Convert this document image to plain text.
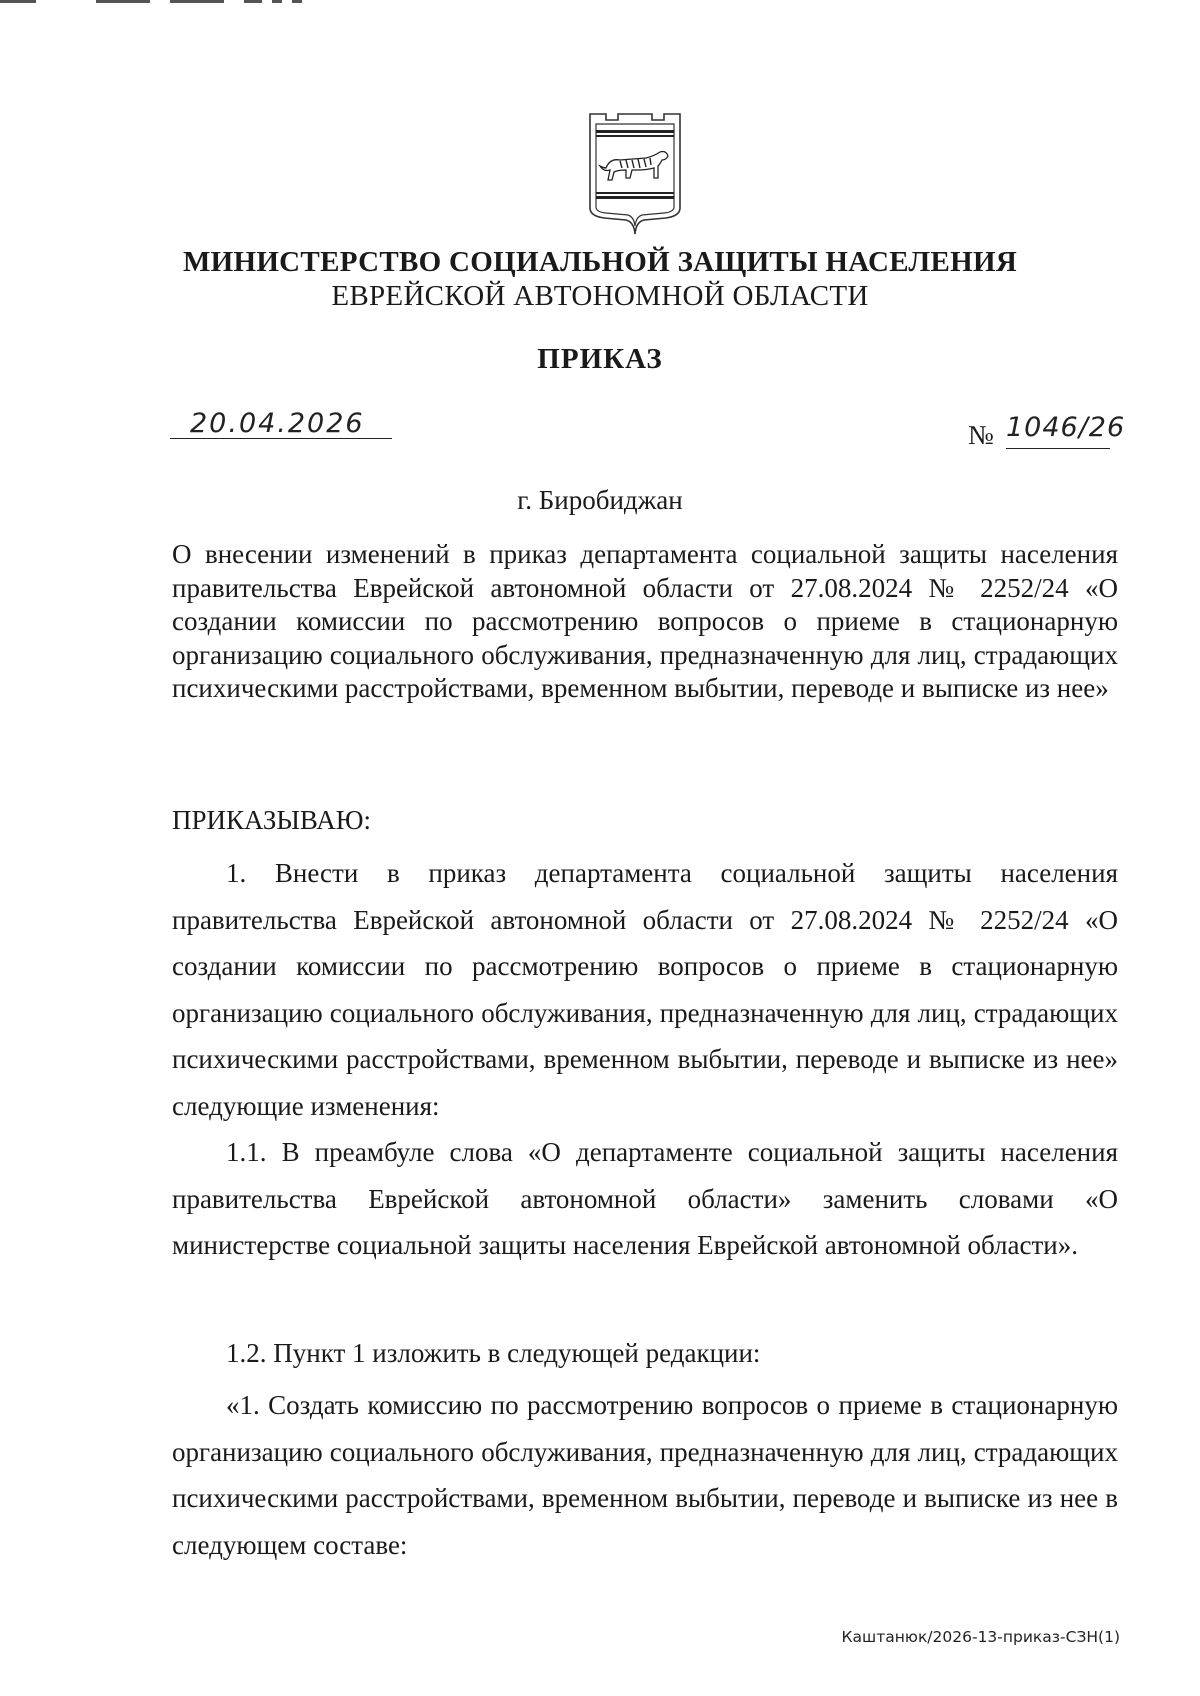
МИНИСТЕРСТВО СОЦИАЛЬНОЙ ЗАЩИТЫ НАСЕЛЕНИЯ
ЕВРЕЙСКОЙ АВТОНОМНОЙ ОБЛАСТИ
ПРИКАЗ
20.04.2026	№ 1046/26
г. Биробиджан
О внесении изменений в приказ департамента социальной защиты населения правительства Еврейской автономной области от 27.08.2024 № 2252/24 «О создании комиссии по рассмотрению вопросов о приеме в стационарную организацию социального обслуживания, предназначенную для лиц, страдающих психическими расстройствами, временном выбытии, переводе и выписке из нее»
ПРИКАЗЫВАЮ:

1. Внести в приказ департамента социальной защиты населения правительства Еврейской автономной области от 27.08.2024 № 2252/24 «О создании комиссии по рассмотрению вопросов о приеме в стационарную организацию социального обслуживания, предназначенную для лиц, страдающих психическими расстройствами, временном выбытии, переводе и выписке из нее» следующие изменения:

1.1. В преамбуле слова «О департаменте социальной защиты населения правительства Еврейской автономной области» заменить словами «О министерстве социальной защиты населения Еврейской автономной области».

1.2. Пункт 1 изложить в следующей редакции:

«1. Создать комиссию по рассмотрению вопросов о приеме в стационарную организацию социального обслуживания, предназначенную для лиц, страдающих психическими расстройствами, временном выбытии, переводе и выписке из нее в следующем составе:

Каштанюк/2026-13-приказ-СЗН(1)
